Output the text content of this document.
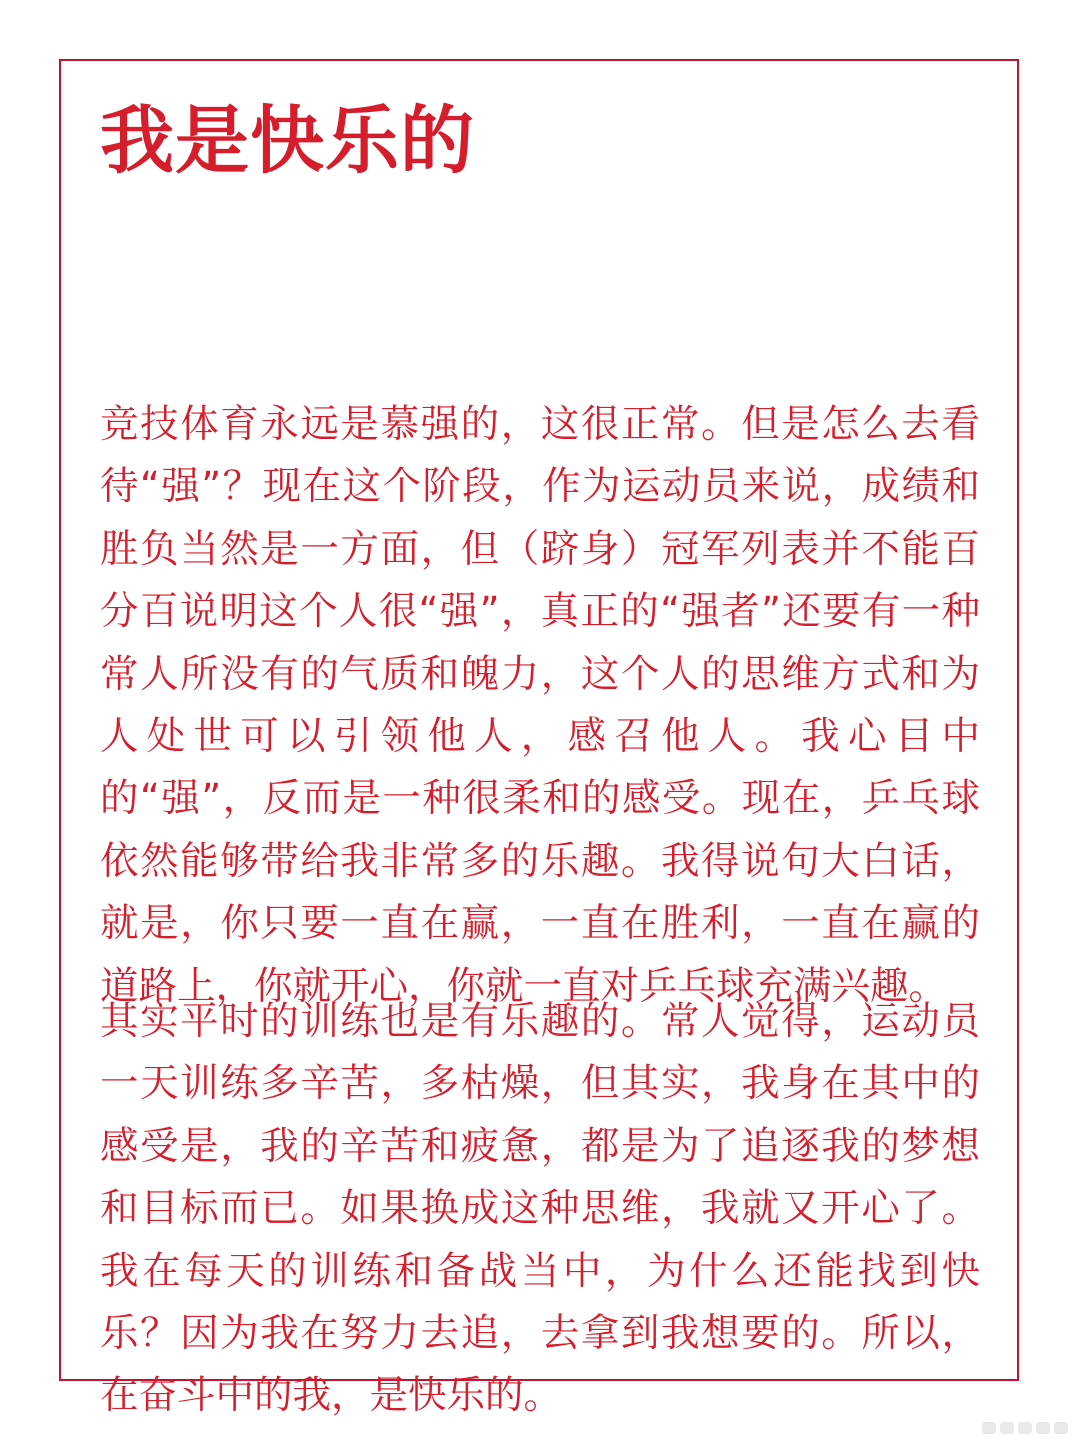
我是快乐的

竞技体育永远是慕强的，这很正常。但是怎么去看待“强”？现在这个阶段，作为运动员来说，成绩和胜负当然是一方面，但（跻身）冠军列表并不能百分百说明这个人很“强”，真正的“强者”还要有一种常人所没有的气质和魄力，这个人的思维方式和为人处世可以引领他人，感召他人。我心目中的“强”，反而是一种很柔和的感受。现在，乒乓球依然能够带给我非常多的乐趣。我得说句大白话，就是，你只要一直在赢，一直在胜利，一直在赢的道路上，你就开心，你就一直对乒乓球充满兴趣。

其实平时的训练也是有乐趣的。常人觉得，运动员一天训练多辛苦，多枯燥，但其实，我身在其中的感受是，我的辛苦和疲惫，都是为了追逐我的梦想和目标而已。如果换成这种思维，我就又开心了。我在每天的训练和备战当中，为什么还能找到快乐？因为我在努力去追，去拿到我想要的。所以，在奋斗中的我，是快乐的。
